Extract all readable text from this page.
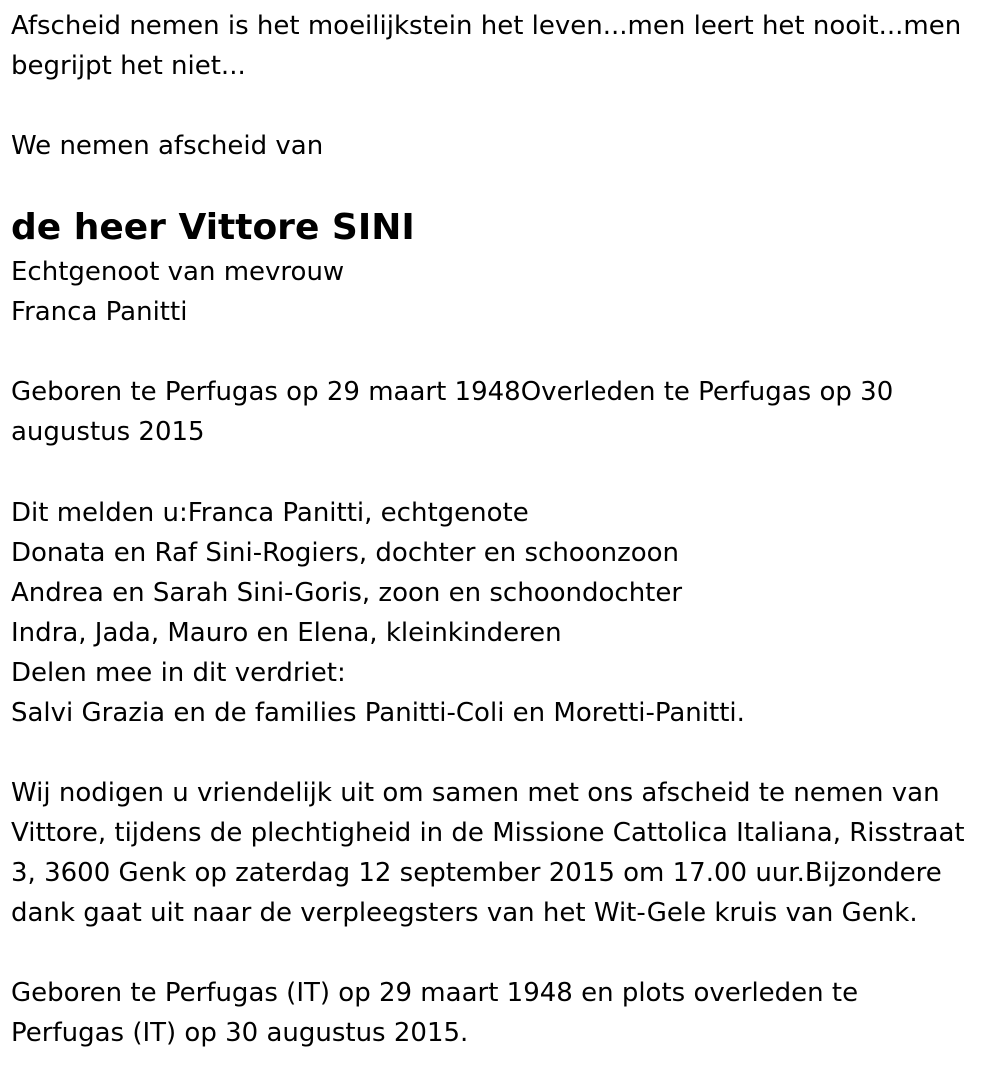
Afscheid nemen is het moeilijkstein het leven...men leert het nooit...men
begrijpt het niet...
We nemen afscheid van
de heer Vittore SINI
Echtgenoot van mevrouw
Franca Panitti
Geboren te Perfugas op 29 maart 1948Overleden te Perfugas op 30
augustus 2015
Dit melden u:Franca Panitti, echtgenote
Donata en Raf Sini-Rogiers, dochter en schoonzoon
Andrea en Sarah Sini-Goris, zoon en schoondochter
Indra, Jada, Mauro en Elena, kleinkinderen
Delen mee in dit verdriet:
Salvi Grazia en de families Panitti-Coli en Moretti-Panitti.
Wij nodigen u vriendelijk uit om samen met ons afscheid te nemen van
Vittore, tijdens de plechtigheid in de Missione Cattolica Italiana, Risstraat
3, 3600 Genk op zaterdag 12 september 2015 om 17.00 uur.Bijzondere
dank gaat uit naar de verpleegsters van het Wit-Gele kruis van Genk.
Geboren te Perfugas (IT) op 29 maart 1948 en plots overleden te
Perfugas (IT) op 30 augustus 2015.
